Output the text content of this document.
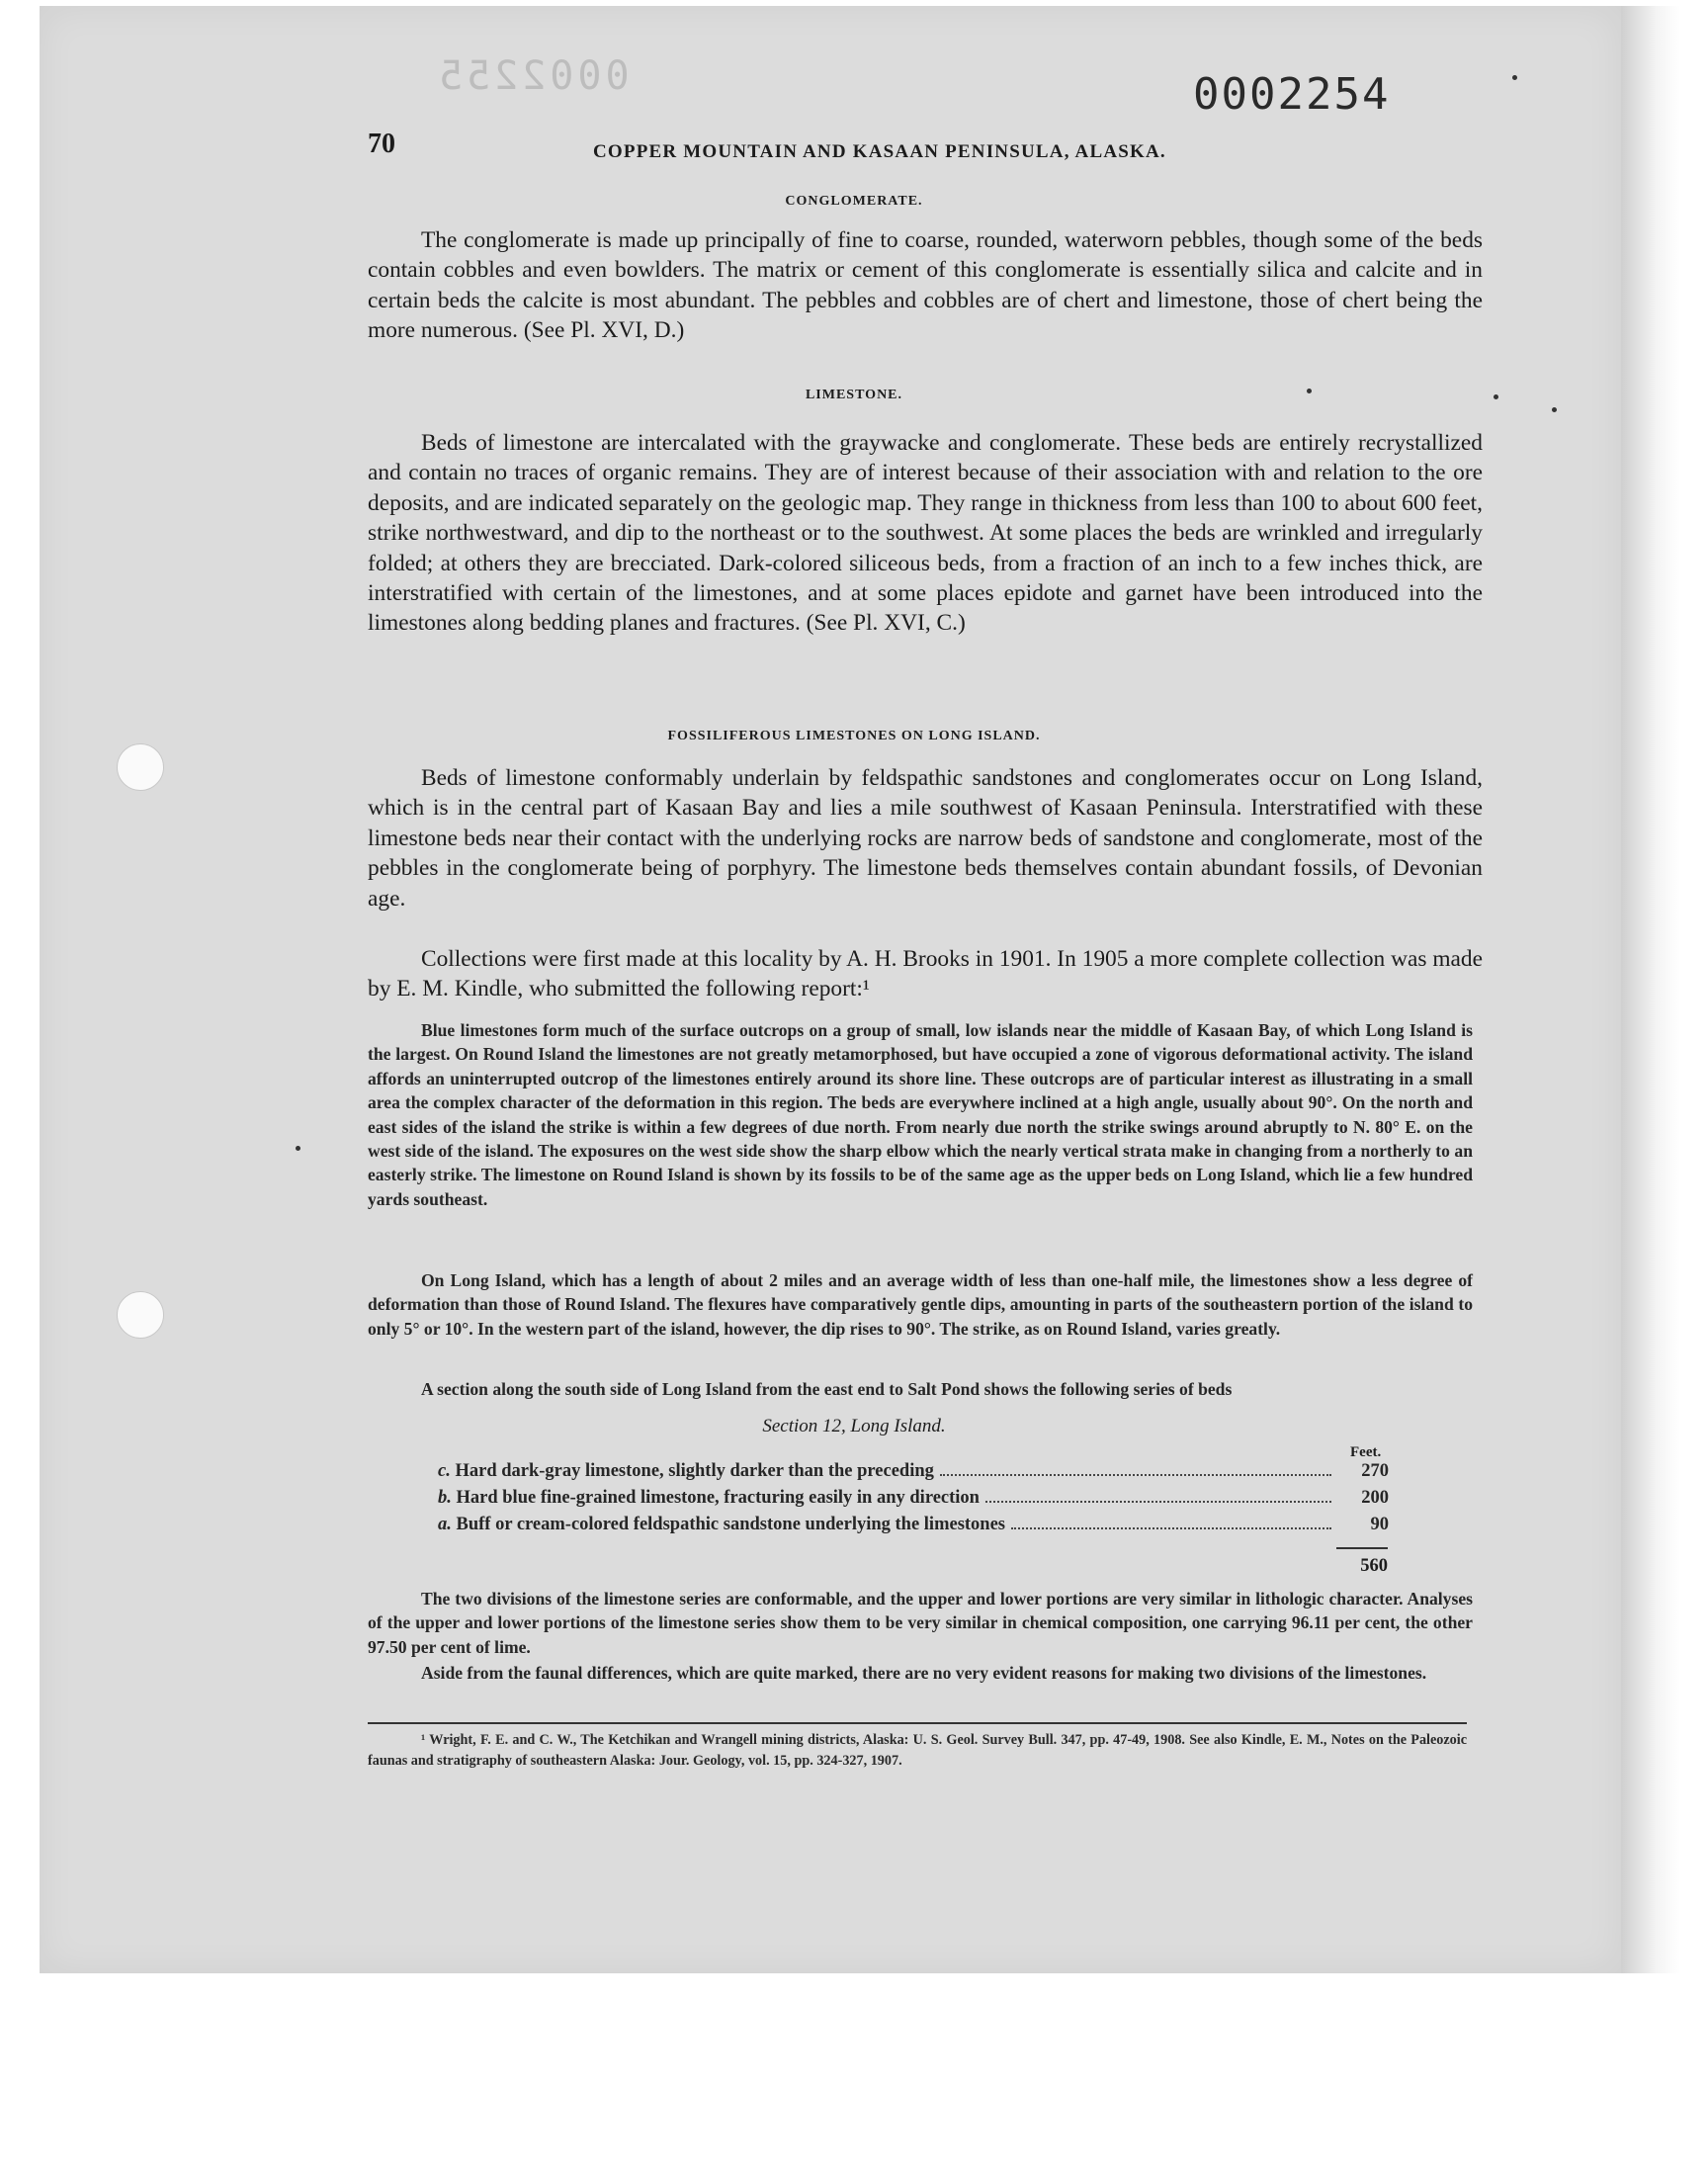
0002255	0002254
70	COPPER MOUNTAIN AND KASAAN PENINSULA, ALASKA.
CONGLOMERATE.

The conglomerate is made up principally of fine to coarse, rounded, waterworn pebbles, though some of the beds contain cobbles and even bowlders. The matrix or cement of this conglomerate is essentially silica and calcite and in certain beds the calcite is most abundant. The pebbles and cobbles are of chert and limestone, those of chert being the more numerous. (See Pl. XVI, D.)

LIMESTONE.

Beds of limestone are intercalated with the graywacke and conglomerate. These beds are entirely recrystallized and contain no traces of organic remains. They are of interest because of their association with and relation to the ore deposits, and are indicated separately on the geologic map. They range in thickness from less than 100 to about 600 feet, strike northwestward, and dip to the northeast or to the southwest. At some places the beds are wrinkled and irregularly folded; at others they are brecciated. Dark-colored siliceous beds, from a fraction of an inch to a few inches thick, are interstratified with certain of the limestones, and at some places epidote and garnet have been introduced into the limestones along bedding planes and fractures. (See Pl. XVI, C.)

FOSSILIFEROUS LIMESTONES ON LONG ISLAND.

Beds of limestone conformably underlain by feldspathic sandstones and conglomerates occur on Long Island, which is in the central part of Kasaan Bay and lies a mile southwest of Kasaan Peninsula. Interstratified with these limestone beds near their contact with the underlying rocks are narrow beds of sandstone and conglomerate, most of the pebbles in the conglomerate being of porphyry. The limestone beds themselves contain abundant fossils, of Devonian age.

Collections were first made at this locality by A. H. Brooks in 1901. In 1905 a more complete collection was made by E. M. Kindle, who submitted the following report:¹

Blue limestones form much of the surface outcrops on a group of small, low islands near the middle of Kasaan Bay, of which Long Island is the largest. On Round Island the limestones are not greatly metamorphosed, but have occupied a zone of vigorous deformational activity. The island affords an uninterrupted outcrop of the limestones entirely around its shore line. These outcrops are of particular interest as illustrating in a small area the complex character of the deformation in this region. The beds are everywhere inclined at a high angle, usually about 90°. On the north and east sides of the island the strike is within a few degrees of due north. From nearly due north the strike swings around abruptly to N. 80° E. on the west side of the island. The exposures on the west side show the sharp elbow which the nearly vertical strata make in changing from a northerly to an easterly strike. The limestone on Round Island is shown by its fossils to be of the same age as the upper beds on Long Island, which lie a few hundred yards southeast.

On Long Island, which has a length of about 2 miles and an average width of less than one-half mile, the limestones show a less degree of deformation than those of Round Island. The flexures have comparatively gentle dips, amounting in parts of the southeastern portion of the island to only 5° or 10°. In the western part of the island, however, the dip rises to 90°. The strike, as on Round Island, varies greatly.

A section along the south side of Long Island from the east end to Salt Pond shows the following series of beds

Section 12, Long Island.
Feet.
c. Hard dark-gray limestone, slightly darker than the preceding	270
b. Hard blue fine-grained limestone, fracturing easily in any direction	200
a. Buff or cream-colored feldspathic sandstone underlying the limestones	90
560

The two divisions of the limestone series are conformable, and the upper and lower portions are very similar in lithologic character. Analyses of the upper and lower portions of the limestone series show them to be very similar in chemical composition, one carrying 96.11 per cent, the other 97.50 per cent of lime.

Aside from the faunal differences, which are quite marked, there are no very evident reasons for making two divisions of the limestones.

¹ Wright, F. E. and C. W., The Ketchikan and Wrangell mining districts, Alaska: U. S. Geol. Survey Bull. 347, pp. 47-49, 1908. See also Kindle, E. M., Notes on the Paleozoic faunas and stratigraphy of southeastern Alaska: Jour. Geology, vol. 15, pp. 324-327, 1907.
